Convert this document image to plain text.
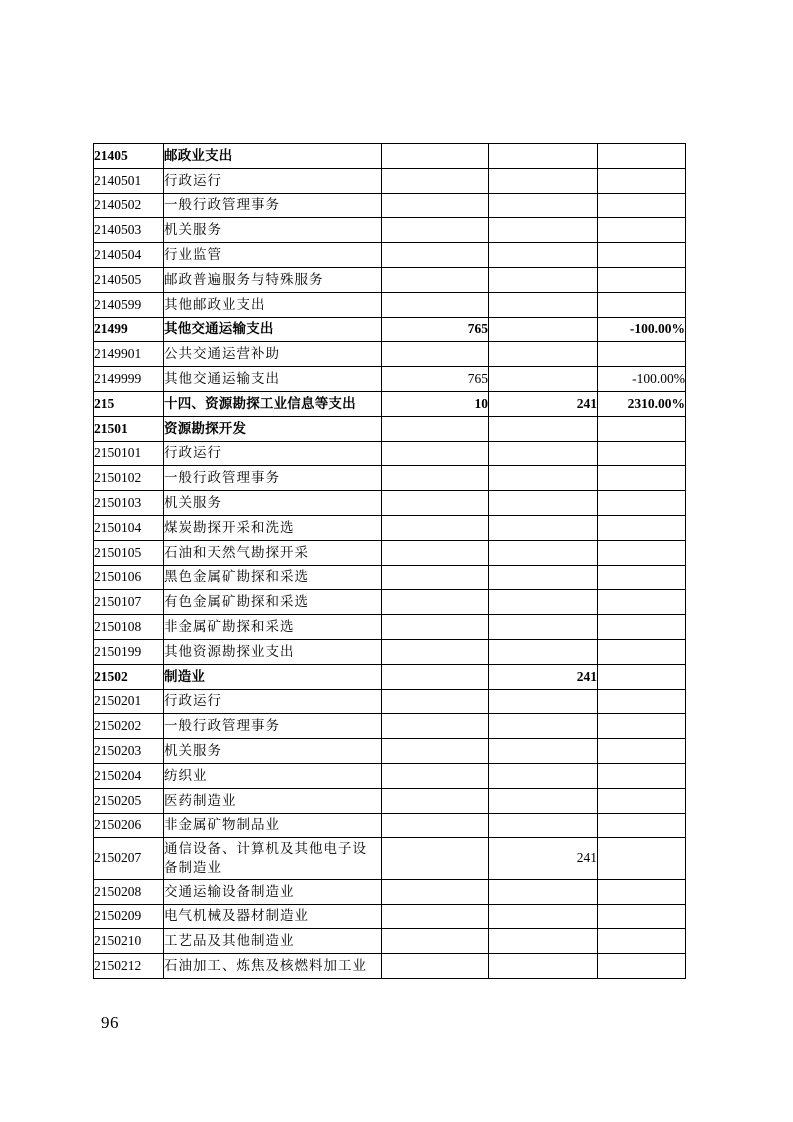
21405	邮政业支出			
2140501	行政运行			
2140502	一般行政管理事务			
2140503	机关服务			
2140504	行业监管			
2140505	邮政普遍服务与特殊服务			
2140599	其他邮政业支出			
21499	其他交通运输支出	765		-100.00%
2149901	公共交通运营补助			
2149999	其他交通运输支出	765		-100.00%
215	十四、资源勘探工业信息等支出	10	241	2310.00%
21501	资源勘探开发			
2150101	行政运行			
2150102	一般行政管理事务			
2150103	机关服务			
2150104	煤炭勘探开采和洗选			
2150105	石油和天然气勘探开采			
2150106	黑色金属矿勘探和采选			
2150107	有色金属矿勘探和采选			
2150108	非金属矿勘探和采选			
2150199	其他资源勘探业支出			
21502	制造业		241	
2150201	行政运行			
2150202	一般行政管理事务			
2150203	机关服务			
2150204	纺织业			
2150205	医药制造业			
2150206	非金属矿物制品业			
2150207	通信设备、计算机及其他电子设备制造业		241	
2150208	交通运输设备制造业			
2150209	电气机械及器材制造业			
2150210	工艺品及其他制造业			
2150212	石油加工、炼焦及核燃料加工业			
96
